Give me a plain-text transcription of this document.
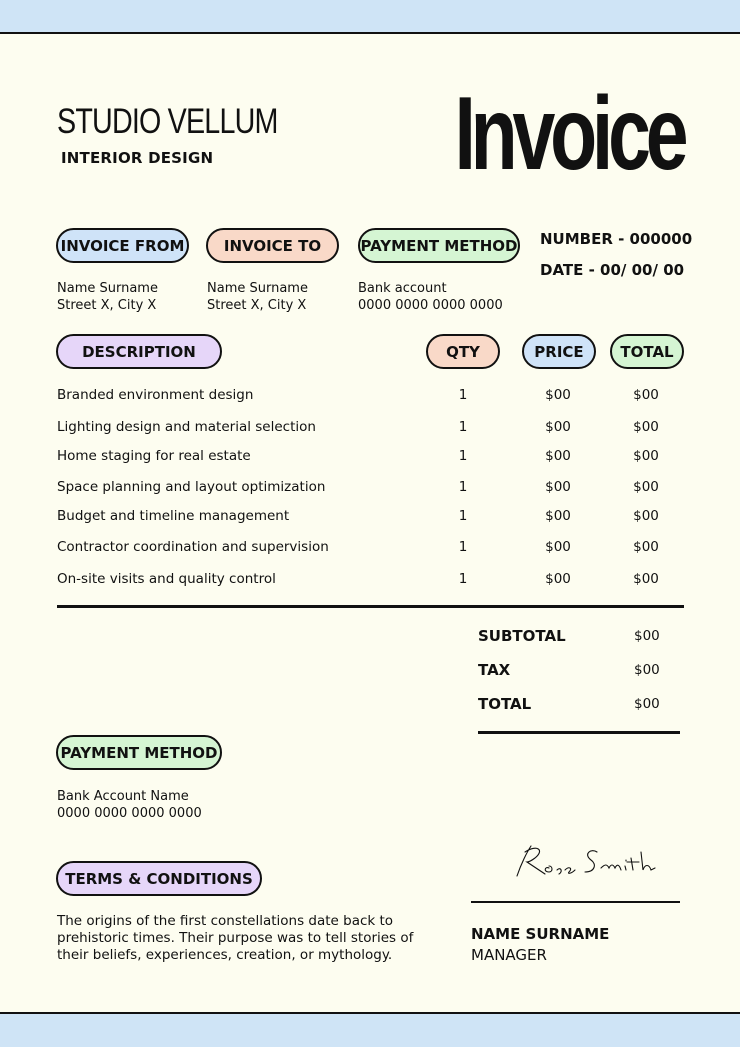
STUDIO VELLUM
INTERIOR DESIGN Invoice
INVOICE FROM	INVOICE TO	PAYMENT METHOD NUMBER - 000000
DATE - 00/ 00/ 00
Name Surname
Street X, City X
Name Surname
Street X, City X
Bank account
0000 0000 0000 0000
DESCRIPTION	QTY	PRICE	TOTAL
Branded environment design	1	$00	$00
Lighting design and material selection	1	$00	$00
Home staging for real estate	1	$00	$00
Space planning and layout optimization	1	$00	$00
Budget and timeline management	1	$00	$00
Contractor coordination and supervision	1	$00	$00
On-site visits and quality control	1	$00	$00
SUBTOTAL	$00
TAX	$00
TOTAL	$00
PAYMENT METHOD
Bank Account Name
0000 0000 0000 0000
TERMS & CONDITIONS
The origins of the first constellations date back to prehistoric times. Their purpose was to tell stories of their beliefs, experiences, creation, or mythology.
NAME SURNAME
MANAGER
